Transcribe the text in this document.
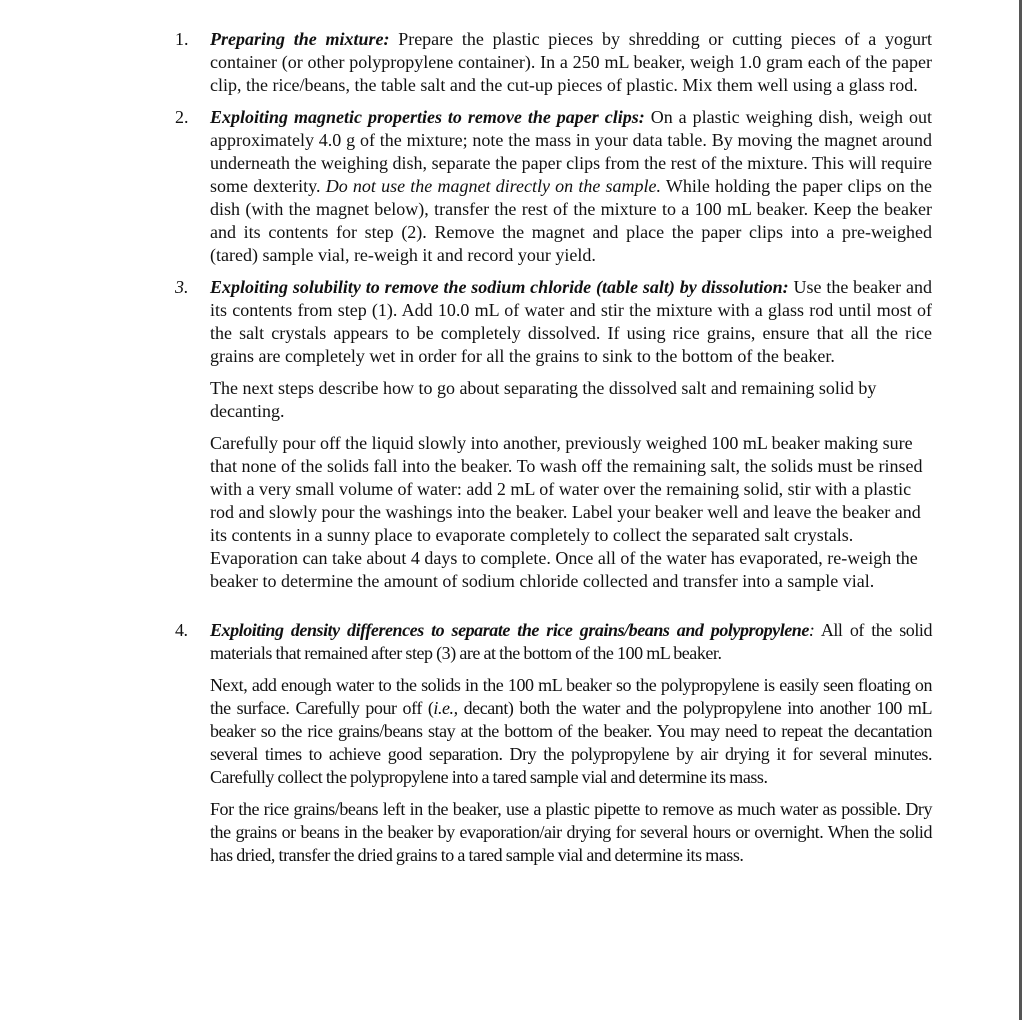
1. Preparing the mixture: Prepare the plastic pieces by shredding or cutting pieces of a yogurt container (or other polypropylene container). In a 250 mL beaker, weigh 1.0 gram each of the paper clip, the rice/beans, the table salt and the cut-up pieces of plastic. Mix them well using a glass rod.

2. Exploiting magnetic properties to remove the paper clips: On a plastic weighing dish, weigh out approximately 4.0 g of the mixture; note the mass in your data table. By moving the magnet around underneath the weighing dish, separate the paper clips from the rest of the mixture. This will require some dexterity. Do not use the magnet directly on the sample. While holding the paper clips on the dish (with the magnet below), transfer the rest of the mixture to a 100 mL beaker. Keep the beaker and its contents for step (2). Remove the magnet and place the paper clips into a pre-weighed (tared) sample vial, re-weigh it and record your yield.

3. Exploiting solubility to remove the sodium chloride (table salt) by dissolution: Use the beaker and its contents from step (1). Add 10.0 mL of water and stir the mixture with a glass rod until most of the salt crystals appears to be completely dissolved. If using rice grains, ensure that all the rice grains are completely wet in order for all the grains to sink to the bottom of the beaker.

The next steps describe how to go about separating the dissolved salt and remaining solid by decanting.

Carefully pour off the liquid slowly into another, previously weighed 100 mL beaker making sure that none of the solids fall into the beaker. To wash off the remaining salt, the solids must be rinsed with a very small volume of water: add 2 mL of water over the remaining solid, stir with a plastic rod and slowly pour the washings into the beaker. Label your beaker well and leave the beaker and its contents in a sunny place to evaporate completely to collect the separated salt crystals. Evaporation can take about 4 days to complete. Once all of the water has evaporated, re-weigh the beaker to determine the amount of sodium chloride collected and transfer into a sample vial.

4. Exploiting density differences to separate the rice grains/beans and polypropylene: All of the solid materials that remained after step (3) are at the bottom of the 100 mL beaker.

Next, add enough water to the solids in the 100 mL beaker so the polypropylene is easily seen floating on the surface. Carefully pour off (i.e., decant) both the water and the polypropylene into another 100 mL beaker so the rice grains/beans stay at the bottom of the beaker. You may need to repeat the decantation several times to achieve good separation. Dry the polypropylene by air drying it for several minutes. Carefully collect the polypropylene into a tared sample vial and determine its mass.

For the rice grains/beans left in the beaker, use a plastic pipette to remove as much water as possible. Dry the grains or beans in the beaker by evaporation/air drying for several hours or overnight. When the solid has dried, transfer the dried grains to a tared sample vial and determine its mass.
